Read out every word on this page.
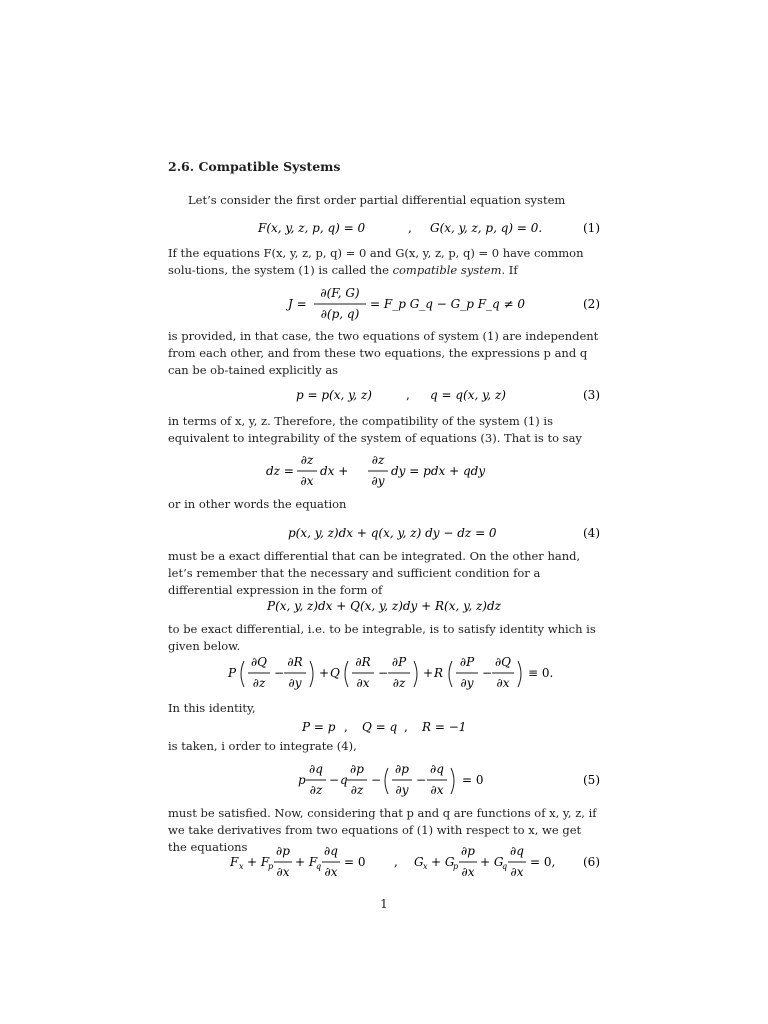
2.6. Compatible Systems
Let’s consider the first order partial differential equation system
F(x, y, z, p, q) = 0	, G(x, y, z, p, q) = 0.	(1)
If the equations F(x, y, z, p, q) = 0 and G(x, y, z, p, q) = 0 have common solu-tions, the system (1) is called the compatible system. If
J =
∂(F, G)
∂(p, q)
= F_p G_q − G_p F_q ≠ 0	(2)
is provided, in that case, the two equations of system (1) are independent from each other, and from these two equations, the expressions p and q can be ob-tained explicitly as
p = p(x, y, z)	, q = q(x, y, z)	(3)
in terms of x, y, z. Therefore, the compatibility of the system (1) is equivalent to integrability of the system of equations (3). That is to say
dz =
∂z
∂x
dx +
∂z
∂y
dy = pdx + qdy
or in other words the equation
p(x, y, z)dx + q(x, y, z) dy − dz = 0	(4)
must be a exact differential that can be integrated. On the other hand, let’s remember that the necessary and sufficient condition for a differential expression in the form of
P(x, y, z)dx + Q(x, y, z)dy + R(x, y, z)dz
to be exact differential, i.e. to be integrable, is to satisfy identity which is given below.
P
∂Q
∂z
−
∂R
∂y
+ Q
∂R
∂x
−
∂P
∂z
+ R
∂P
∂y
−
∂Q
∂x
≡ 0.
In this identity,
P = p , Q = q , R = −1
is taken, i order to integrate (4),
p
∂q
∂z
− q
∂p
∂z
−
∂p
∂y
−
∂q
∂x
= 0	(5)
must be satisfied. Now, considering that p and q are functions of x, y, z, if we take derivatives from two equations of (1) with respect to x, we get the equations
F x + F
p
∂p
∂x
+ F
q
∂q
∂x
= 0 , G x + G
p
∂p
∂x
+ G
q
∂q
∂x
= 0, (6)
1
